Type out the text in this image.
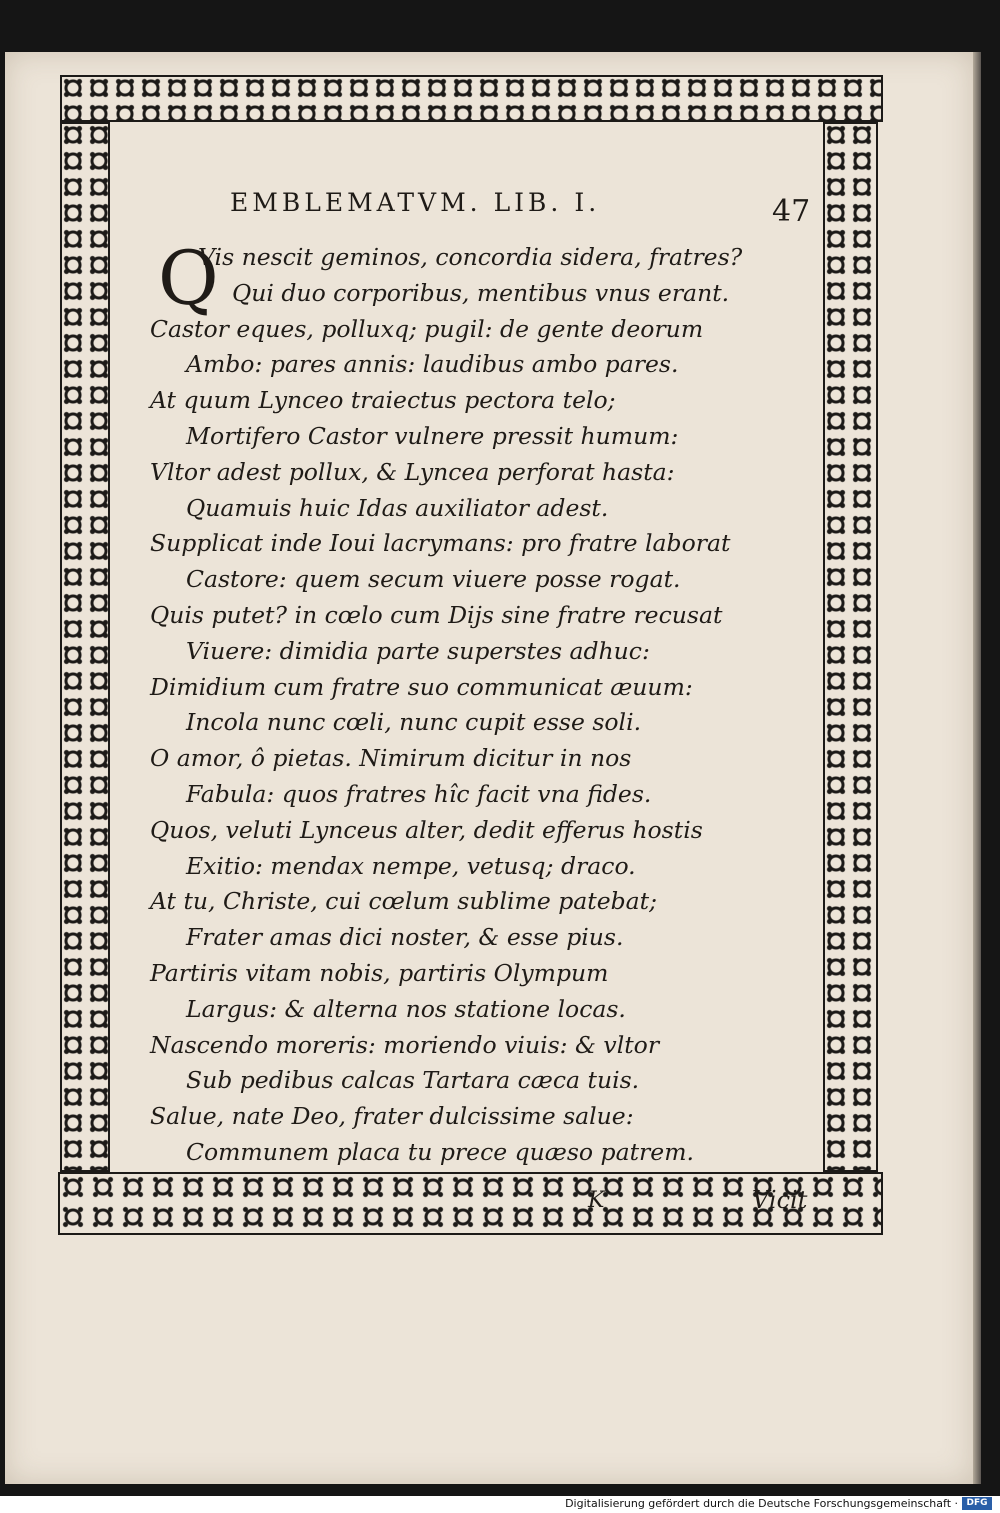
EMBLEMATVM. LIB. I.	47
Q
Vis nescit geminos, concordia sidera, fratres?
Qui duo corporibus, mentibus vnus erant.
Castor eques, polluxq; pugil: de gente deorum
Ambo: pares annis: laudibus ambo pares.
At quum Lynceo traiectus pectora telo;
Mortifero Castor vulnere pressit humum:
Vltor adest pollux, & Lyncea perforat hasta:
Quamuis huic Idas auxiliator adest.
Supplicat inde Ioui lacrymans: pro fratre laborat
Castore: quem secum viuere posse rogat.
Quis putet? in cœlo cum Dijs sine fratre recusat
Viuere: dimidia parte superstes adhuc:
Dimidium cum fratre suo communicat æuum:
Incola nunc cœli, nunc cupit esse soli.
O amor, ô pietas. Nimirum dicitur in nos
Fabula: quos fratres hîc facit vna fides.
Quos, veluti Lynceus alter, dedit efferus hostis
Exitio: mendax nempe, vetusq; draco.
At tu, Christe, cui cœlum sublime patebat;
Frater amas dici noster, & esse pius.
Partiris vitam nobis, partiris Olympum
Largus: & alterna nos statione locas.
Nascendo moreris: moriendo viuis: & vltor
Sub pedibus calcas Tartara cæca tuis.
Salue, nate Deo, frater dulcissime salue:
Communem placa tu prece quæso patrem.
K	Vicit
Digitalisierung gefördert durch die Deutsche Forschungsgemeinschaft · DFG
